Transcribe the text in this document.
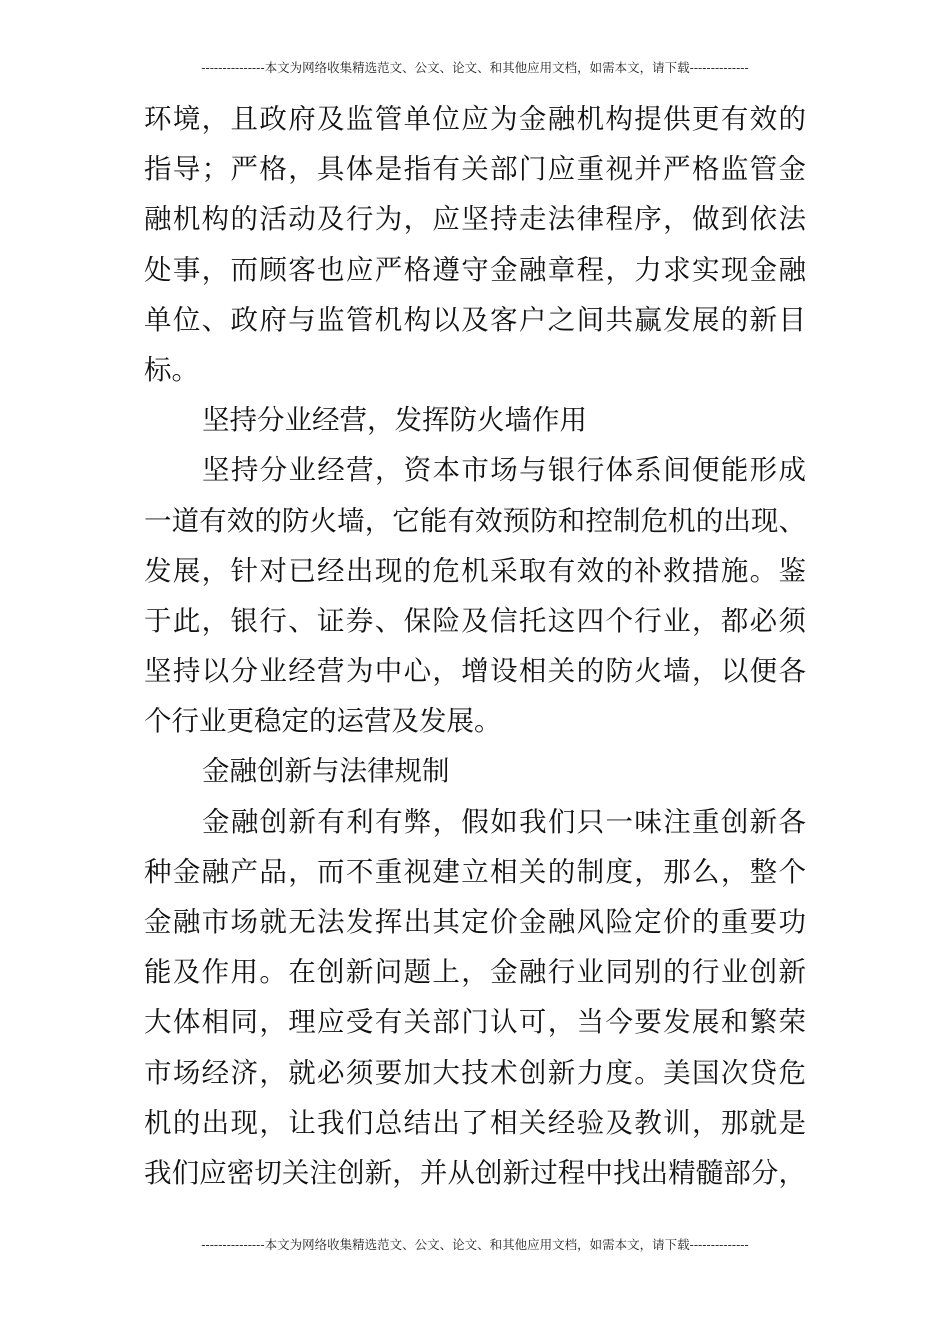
---------------本文为网络收集精选范文、公文、论文、和其他应用文档，如需本文，请下载--------------
环境，且政府及监管单位应为金融机构提供更有效的
指导；严格，具体是指有关部门应重视并严格监管金
融机构的活动及行为，应坚持走法律程序，做到依法
处事，而顾客也应严格遵守金融章程，力求实现金融
单位、政府与监管机构以及客户之间共赢发展的新目
标。
坚持分业经营，发挥防火墙作用
坚持分业经营，资本市场与银行体系间便能形成
一道有效的防火墙，它能有效预防和控制危机的出现、
发展，针对已经出现的危机采取有效的补救措施。鉴
于此，银行、证券、保险及信托这四个行业，都必须
坚持以分业经营为中心，增设相关的防火墙，以便各
个行业更稳定的运营及发展。
金融创新与法律规制
金融创新有利有弊，假如我们只一味注重创新各
种金融产品，而不重视建立相关的制度，那么，整个
金融市场就无法发挥出其定价金融风险定价的重要功
能及作用。在创新问题上，金融行业同别的行业创新
大体相同，理应受有关部门认可，当今要发展和繁荣
市场经济，就必须要加大技术创新力度。美国次贷危
机的出现，让我们总结出了相关经验及教训，那就是
我们应密切关注创新，并从创新过程中找出精髓部分，
---------------本文为网络收集精选范文、公文、论文、和其他应用文档，如需本文，请下载--------------
